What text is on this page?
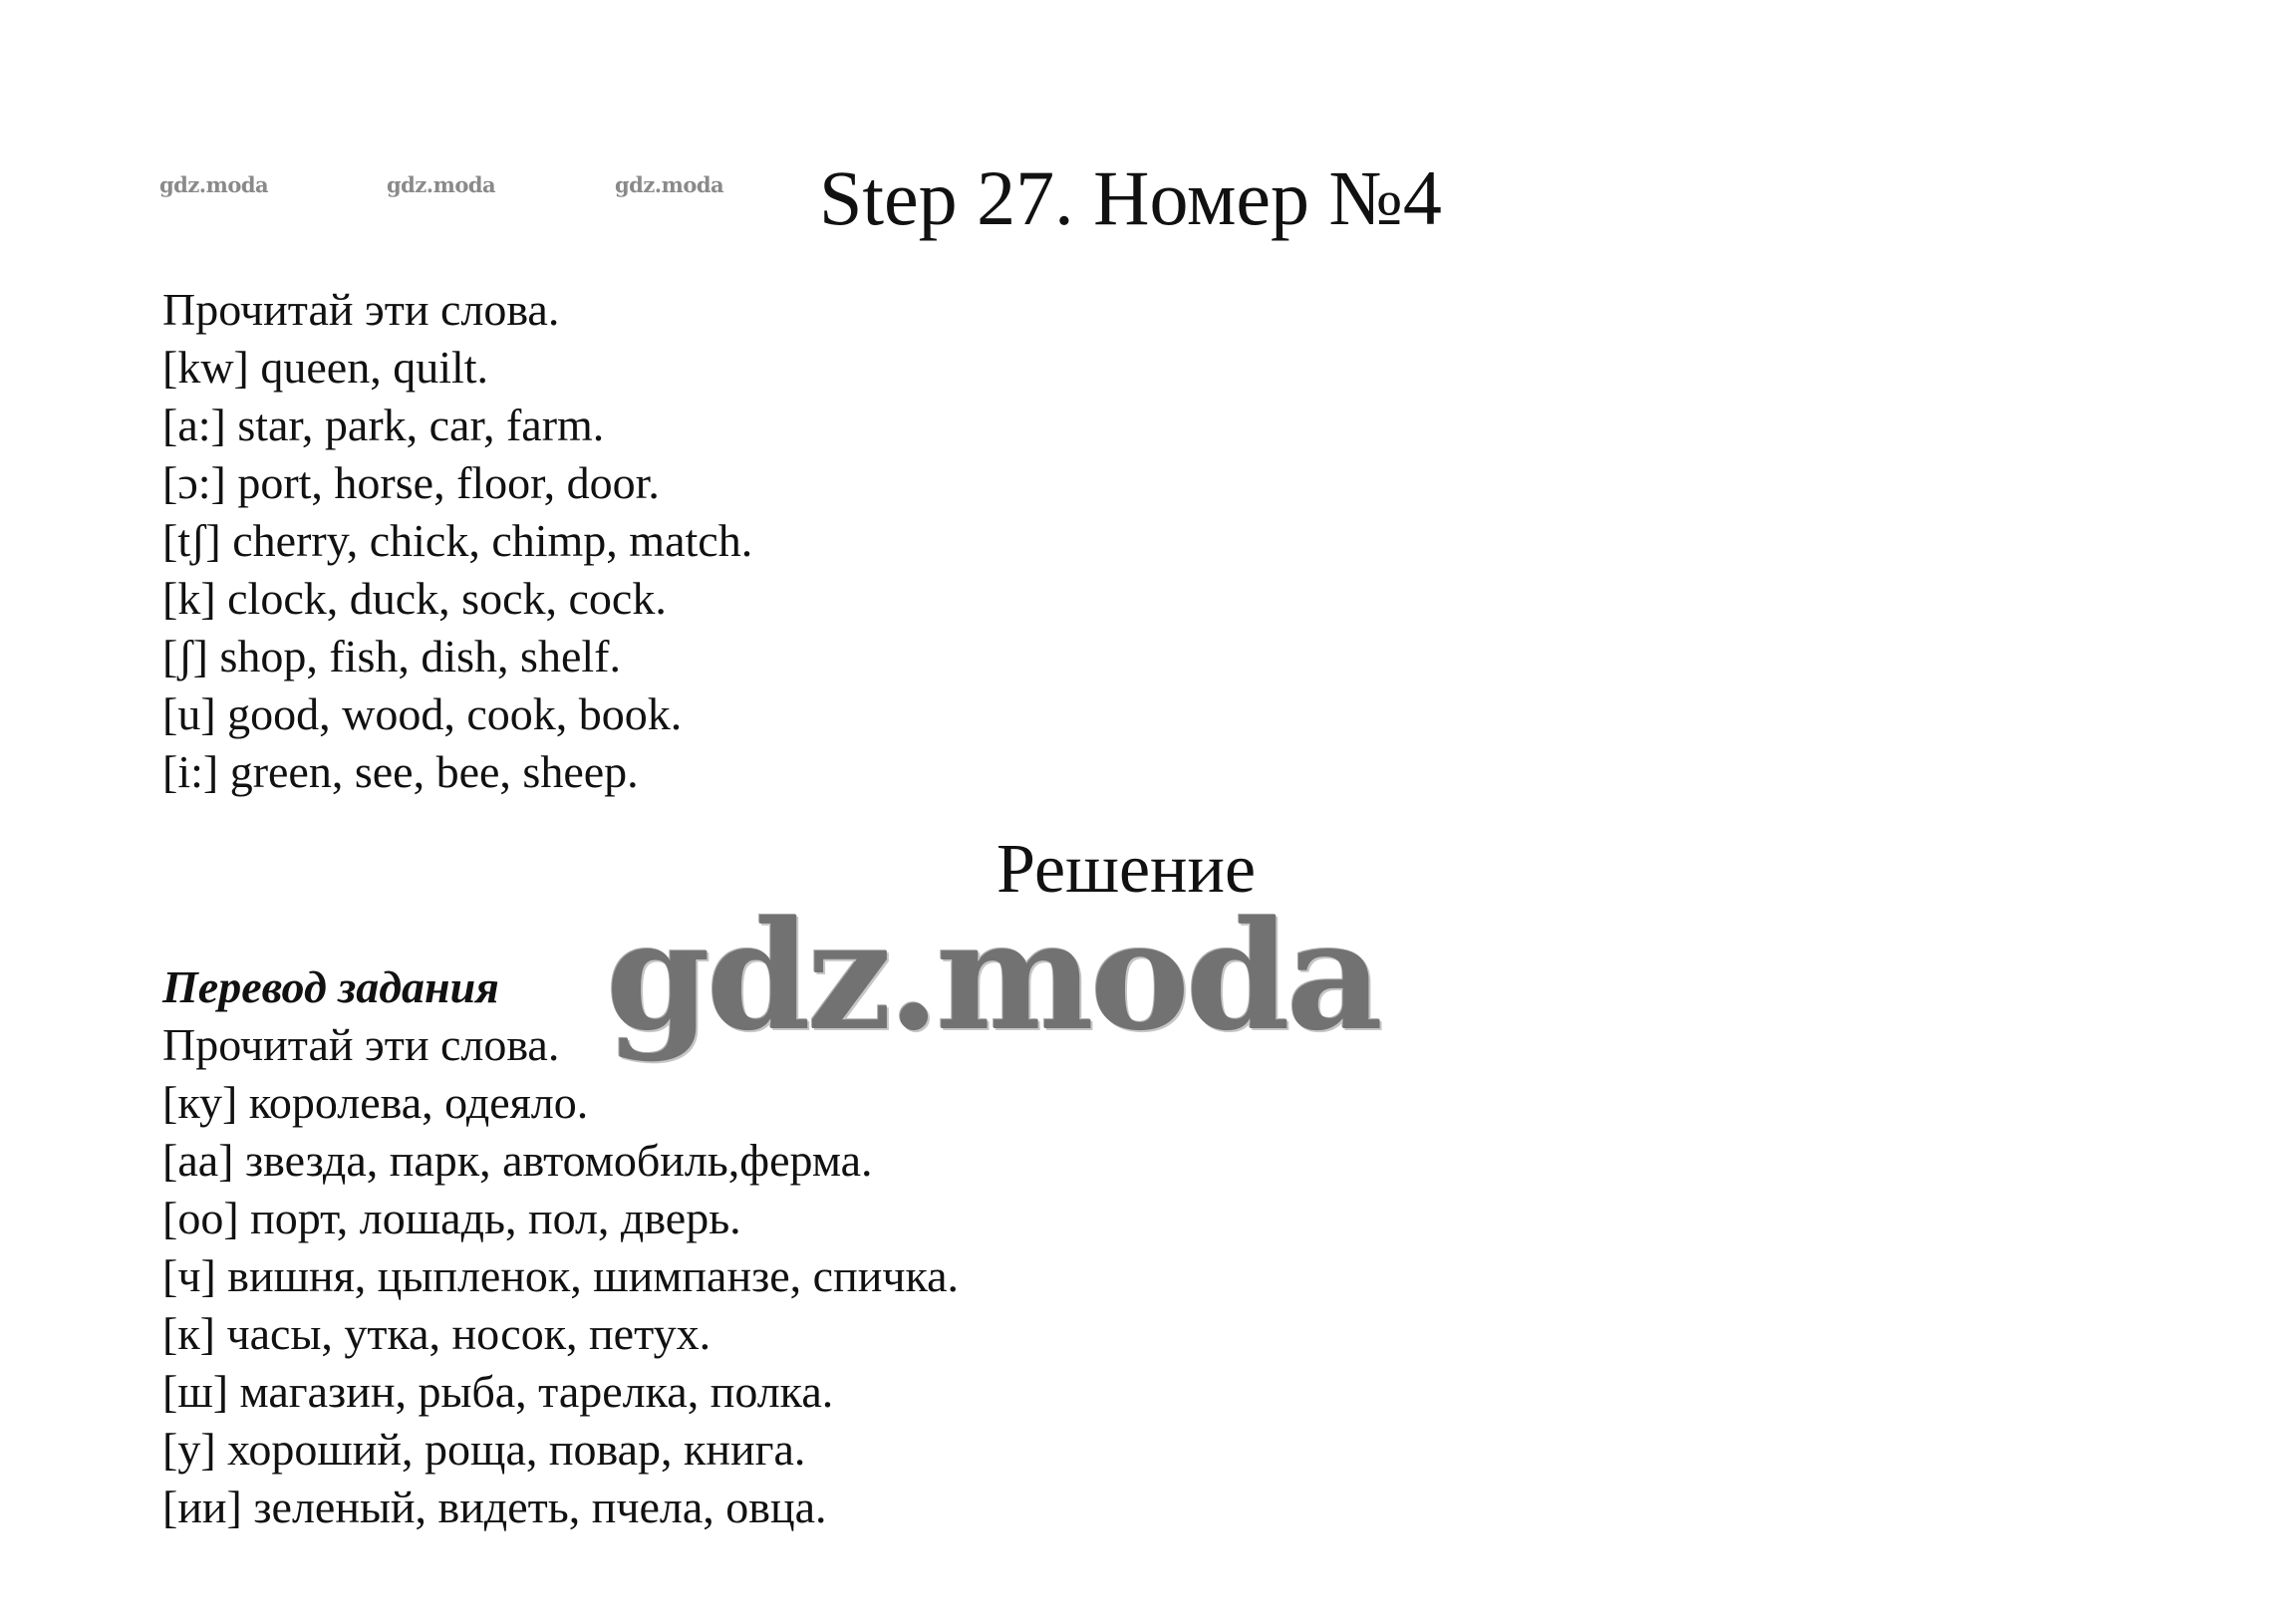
gdz.moda	gdz.moda	gdz.moda Step 27. Номер №4
Прочитай эти слова.
[kw] queen, quilt.
[a:] star, park, car, farm.
[ɔ:] port, horse, floor, door.
[tʃ] cherry, chick, chimp, match.
[k] clock, duck, sock, cock.
[ʃ] shop, fish, dish, shelf.
[u] good, wood, cook, book.
[i:] green, see, bee, sheep.
Решение
gdz.moda
Перевод задания
Прочитай эти слова.
[ку] королева, одеяло.
[аа] звезда, парк, автомобиль,ферма.
[оо] порт, лошадь, пол, дверь.
[ч] вишня, цыпленок, шимпанзе, спичка.
[к] часы, утка, носок, петух.
[ш] магазин, рыба, тарелка, полка.
[у] хороший, роща, повар, книга.
[ии] зеленый, видеть, пчела, овца.
